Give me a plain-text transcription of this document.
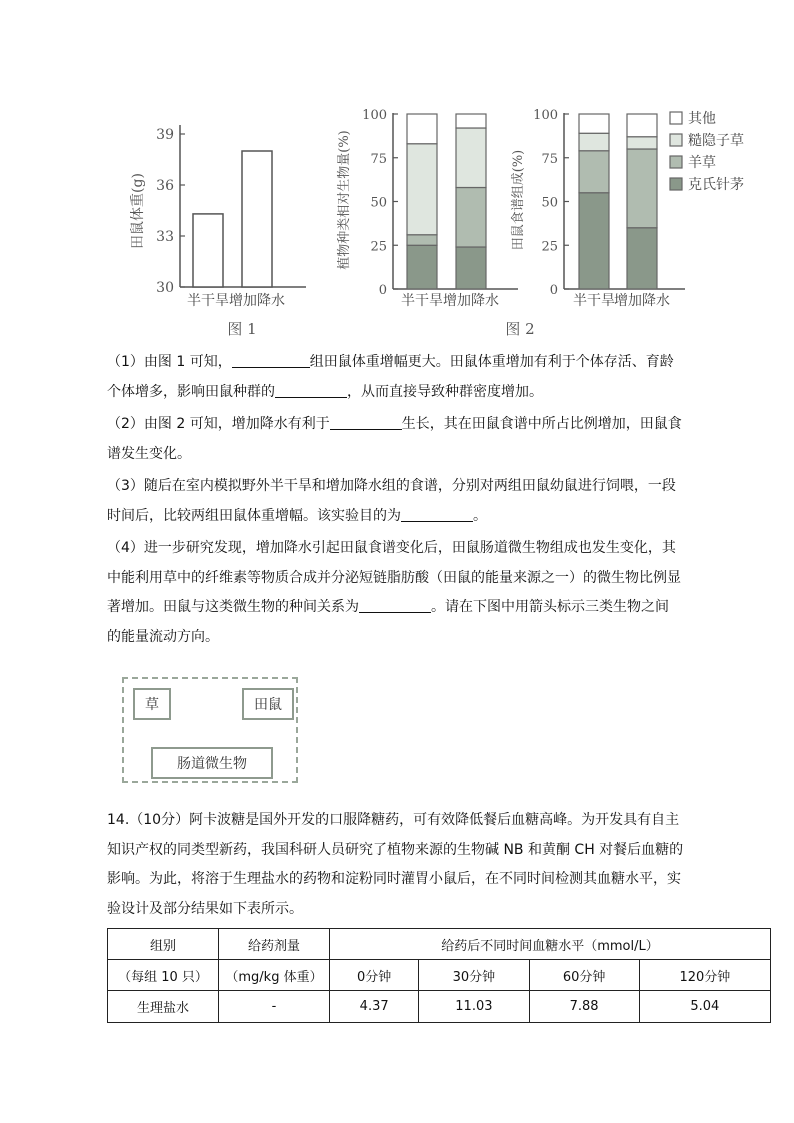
田鼠体重(g)
30
33
36
39
半干旱 增加降水
图 1
植物种类相对生物量(%)
0
25
50
75
100
半干旱 增加降水
田鼠食谱组成(%)
0
25
50
75
100
半干旱 增加降水
图 2
其他
糙隐子草
羊草
克氏针茅

（1）由图 1 可知，	组田鼠体重增幅更大。田鼠体重增加有利于个体存活、育龄个体增多，影响田鼠种群的	，从而直接导致种群密度增加。

（2）由图 2 可知，增加降水有利于	生长，其在田鼠食谱中所占比例增加，田鼠食谱发生变化。

（3）随后在室内模拟野外半干旱和增加降水组的食谱，分别对两组田鼠幼鼠进行饲喂，一段时间后，比较两组田鼠体重增幅。该实验目的为	。

（4）进一步研究发现，增加降水引起田鼠食谱变化后，田鼠肠道微生物组成也发生变化，其中能利用草中的纤维素等物质合成并分泌短链脂肪酸（田鼠的能量来源之一）的微生物比例显著增加。田鼠与这类微生物的种间关系为	。请在下图中用箭头标示三类生物之间的能量流动方向。

草	田鼠
肠道微生物

14.（10分）阿卡波糖是国外开发的口服降糖药，可有效降低餐后血糖高峰。为开发具有自主知识产权的同类型新药，我国科研人员研究了植物来源的生物碱 NB 和黄酮 CH 对餐后血糖的影响。为此，将溶于生理盐水的药物和淀粉同时灌胃小鼠后，在不同时间检测其血糖水平，实验设计及部分结果如下表所示。

组别	给药剂量	给药后不同时间血糖水平（mmol/L）			
（每组 10 只）	（mg/kg 体重）	0分钟	30分钟	60分钟	120分钟
生理盐水	-	4.37	11.03	7.88	5.04
